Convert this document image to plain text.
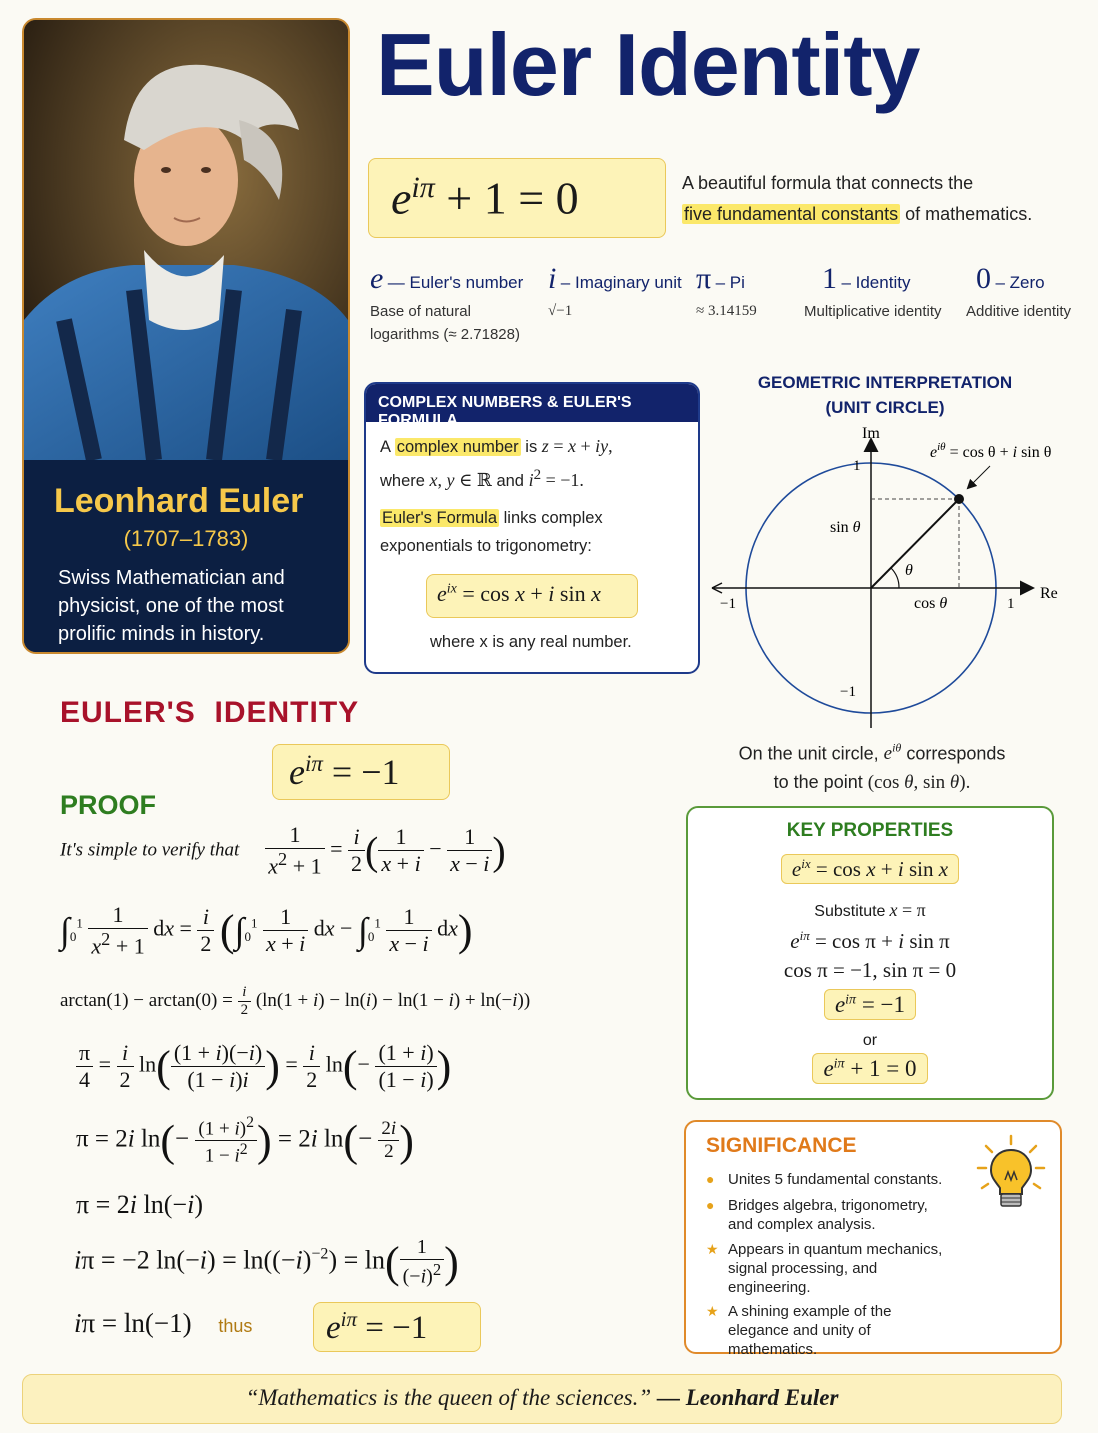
Leonhard Euler
(1707–1783)
Swiss Mathematician and physicist, one of the most prolific minds in history.
Euler Identity
$e^{i\pi} + 1 = 0$	A beautiful formula that connects the
five fundamental constants of mathematics.
e — Euler's number
Base of natural
logarithms (≈ 2.71828)
i – Imaginary unit
√−1
π – Pi
≈ 3.14159
1 – Identity
Multiplicative identity
0 – Zero
Additive identity
COMPLEX NUMBERS & EULER'S FORMULA
A complex number is z = x + iy,
where x, y ∈ ℝ and $i^2 = -1$.
Euler's Formula links complex
exponentials to trigonometry:
$e^{ix} = \cos x + i$ sin x
where x is any real number.
GEOMETRIC INTERPRETATION
(UNIT CIRCLE)
Im
Re
1
1
−1
−1
sin θ
cos θ
θ
$e^{i\theta} = \cos \theta + i$ sin θ
On the unit circle, $e^{i\theta}$ corresponds
to the point (cos θ, sin θ).
EULER'S  IDENTITY
$e^{i\pi} = -1$
PROOF
It's simple to verify that $\frac{1}{x^2 + 1} = \frac{i}{2}$ ( $\frac{1}{x + i} - \frac{1}{x - i}$ )
$\int_0^1 \frac{1}{x^2 + 1}$ dx = $\frac{i}{2} (\int_0^1 \frac{1}{x + i}$ dx − $\int_0^1 \frac{1}{x - i} dx$)
$\arctan(1) - \arctan(0) = \frac{i}{2} (\ln(1 + i) - \ln(i) - \ln(1 - i) + \ln(-i))$
$\frac{\pi}{4} = \frac{i}{2} \ln( \frac{(1 + i)(-i)}{(1 - i)i}$ ) = $\frac{i}{2} \ln(- \frac{(1 + i)}{(1 - i)}$ )
π = 2i $\ln(- \frac{(1 + i)^2}{1 - i^2}$ ) = 2i $\ln(- \frac{2i}{2}$ )
π = 2i ln(−i)
iπ = −2 $\ln(-i) = \ln((-i)^{-2}) = \ln( \frac{1}{(-i)^2}$ )
iπ = ln(−1) thus	$e^{i\pi} = -1$
KEY PROPERTIES
$e^{ix} = \cos x + i$ sin x
Substitute x = π
$e^{i\pi} = \cos \pi + i$ sin π
cos π = −1, sin π = 0
$e^{i\pi} = -1$
or
$e^{i\pi} + 1 = 0$
SIGNIFICANCE
● Unites 5 fundamental constants.
● Bridges algebra, trigonometry, and complex analysis.
★ Appears in quantum mechanics, signal processing, and engineering.
★ A shining example of the elegance and unity of mathematics.
“Mathematics is the queen of the sciences.” — Leonhard Euler
